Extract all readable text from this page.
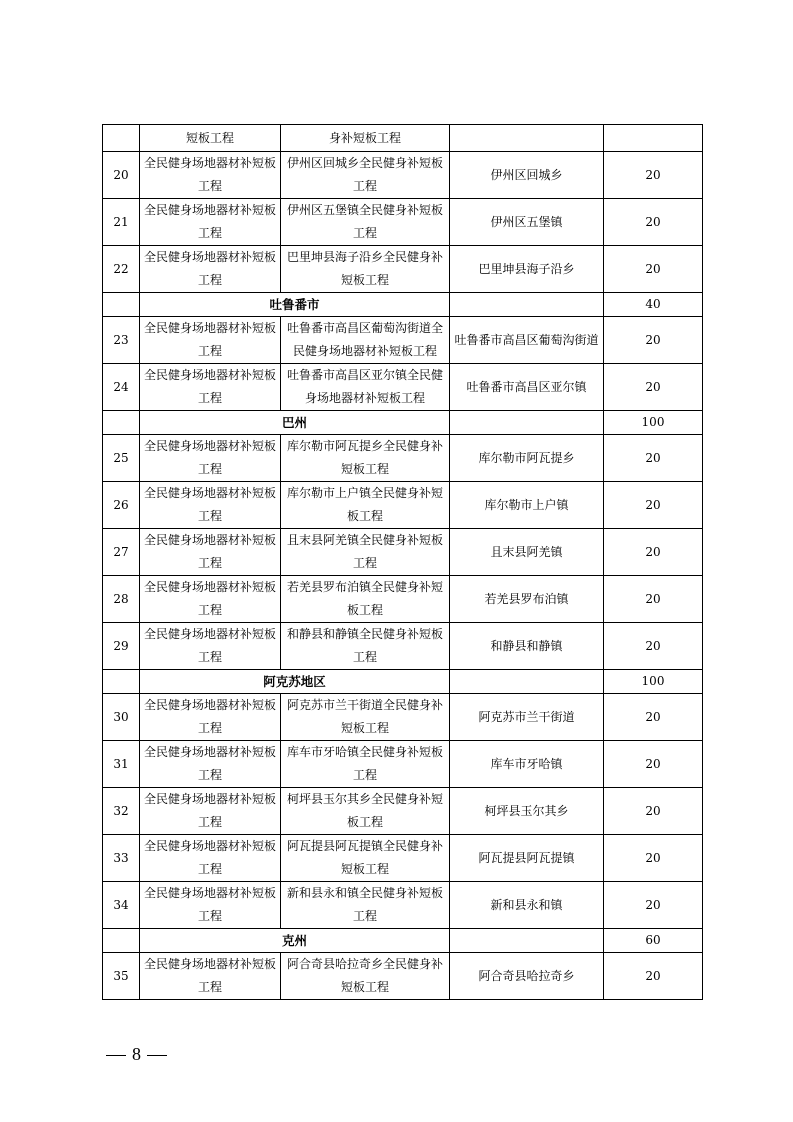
	短板工程	身补短板工程		

20	全民健身场地器材补短板工程	伊州区回城乡全民健身补短板工程	伊州区回城乡	20

21	全民健身场地器材补短板工程	伊州区五堡镇全民健身补短板工程	伊州区五堡镇	20

22	全民健身场地器材补短板工程	巴里坤县海子沿乡全民健身补短板工程	巴里坤县海子沿乡	20

	吐鲁番市			40

23	全民健身场地器材补短板工程	吐鲁番市高昌区葡萄沟街道全民健身场地器材补短板工程	吐鲁番市高昌区葡萄沟街道	20

24	全民健身场地器材补短板工程	吐鲁番市高昌区亚尔镇全民健身场地器材补短板工程	吐鲁番市高昌区亚尔镇	20

	巴州			100

25	全民健身场地器材补短板工程	库尔勒市阿瓦提乡全民健身补短板工程	库尔勒市阿瓦提乡	20

26	全民健身场地器材补短板工程	库尔勒市上户镇全民健身补短板工程	库尔勒市上户镇	20

27	全民健身场地器材补短板工程	且末县阿羌镇全民健身补短板工程	且末县阿羌镇	20

28	全民健身场地器材补短板工程	若羌县罗布泊镇全民健身补短板工程	若羌县罗布泊镇	20

29	全民健身场地器材补短板工程	和静县和静镇全民健身补短板工程	和静县和静镇	20

	阿克苏地区			100

30	全民健身场地器材补短板工程	阿克苏市兰干街道全民健身补短板工程	阿克苏市兰干街道	20

31	全民健身场地器材补短板工程	库车市牙哈镇全民健身补短板工程	库车市牙哈镇	20

32	全民健身场地器材补短板工程	柯坪县玉尔其乡全民健身补短板工程	柯坪县玉尔其乡	20

33	全民健身场地器材补短板工程	阿瓦提县阿瓦提镇全民健身补短板工程	阿瓦提县阿瓦提镇	20

34	全民健身场地器材补短板工程	新和县永和镇全民健身补短板工程	新和县永和镇	20

	克州			60

35	全民健身场地器材补短板工程	阿合奇县哈拉奇乡全民健身补短板工程	阿合奇县哈拉奇乡	20
8
